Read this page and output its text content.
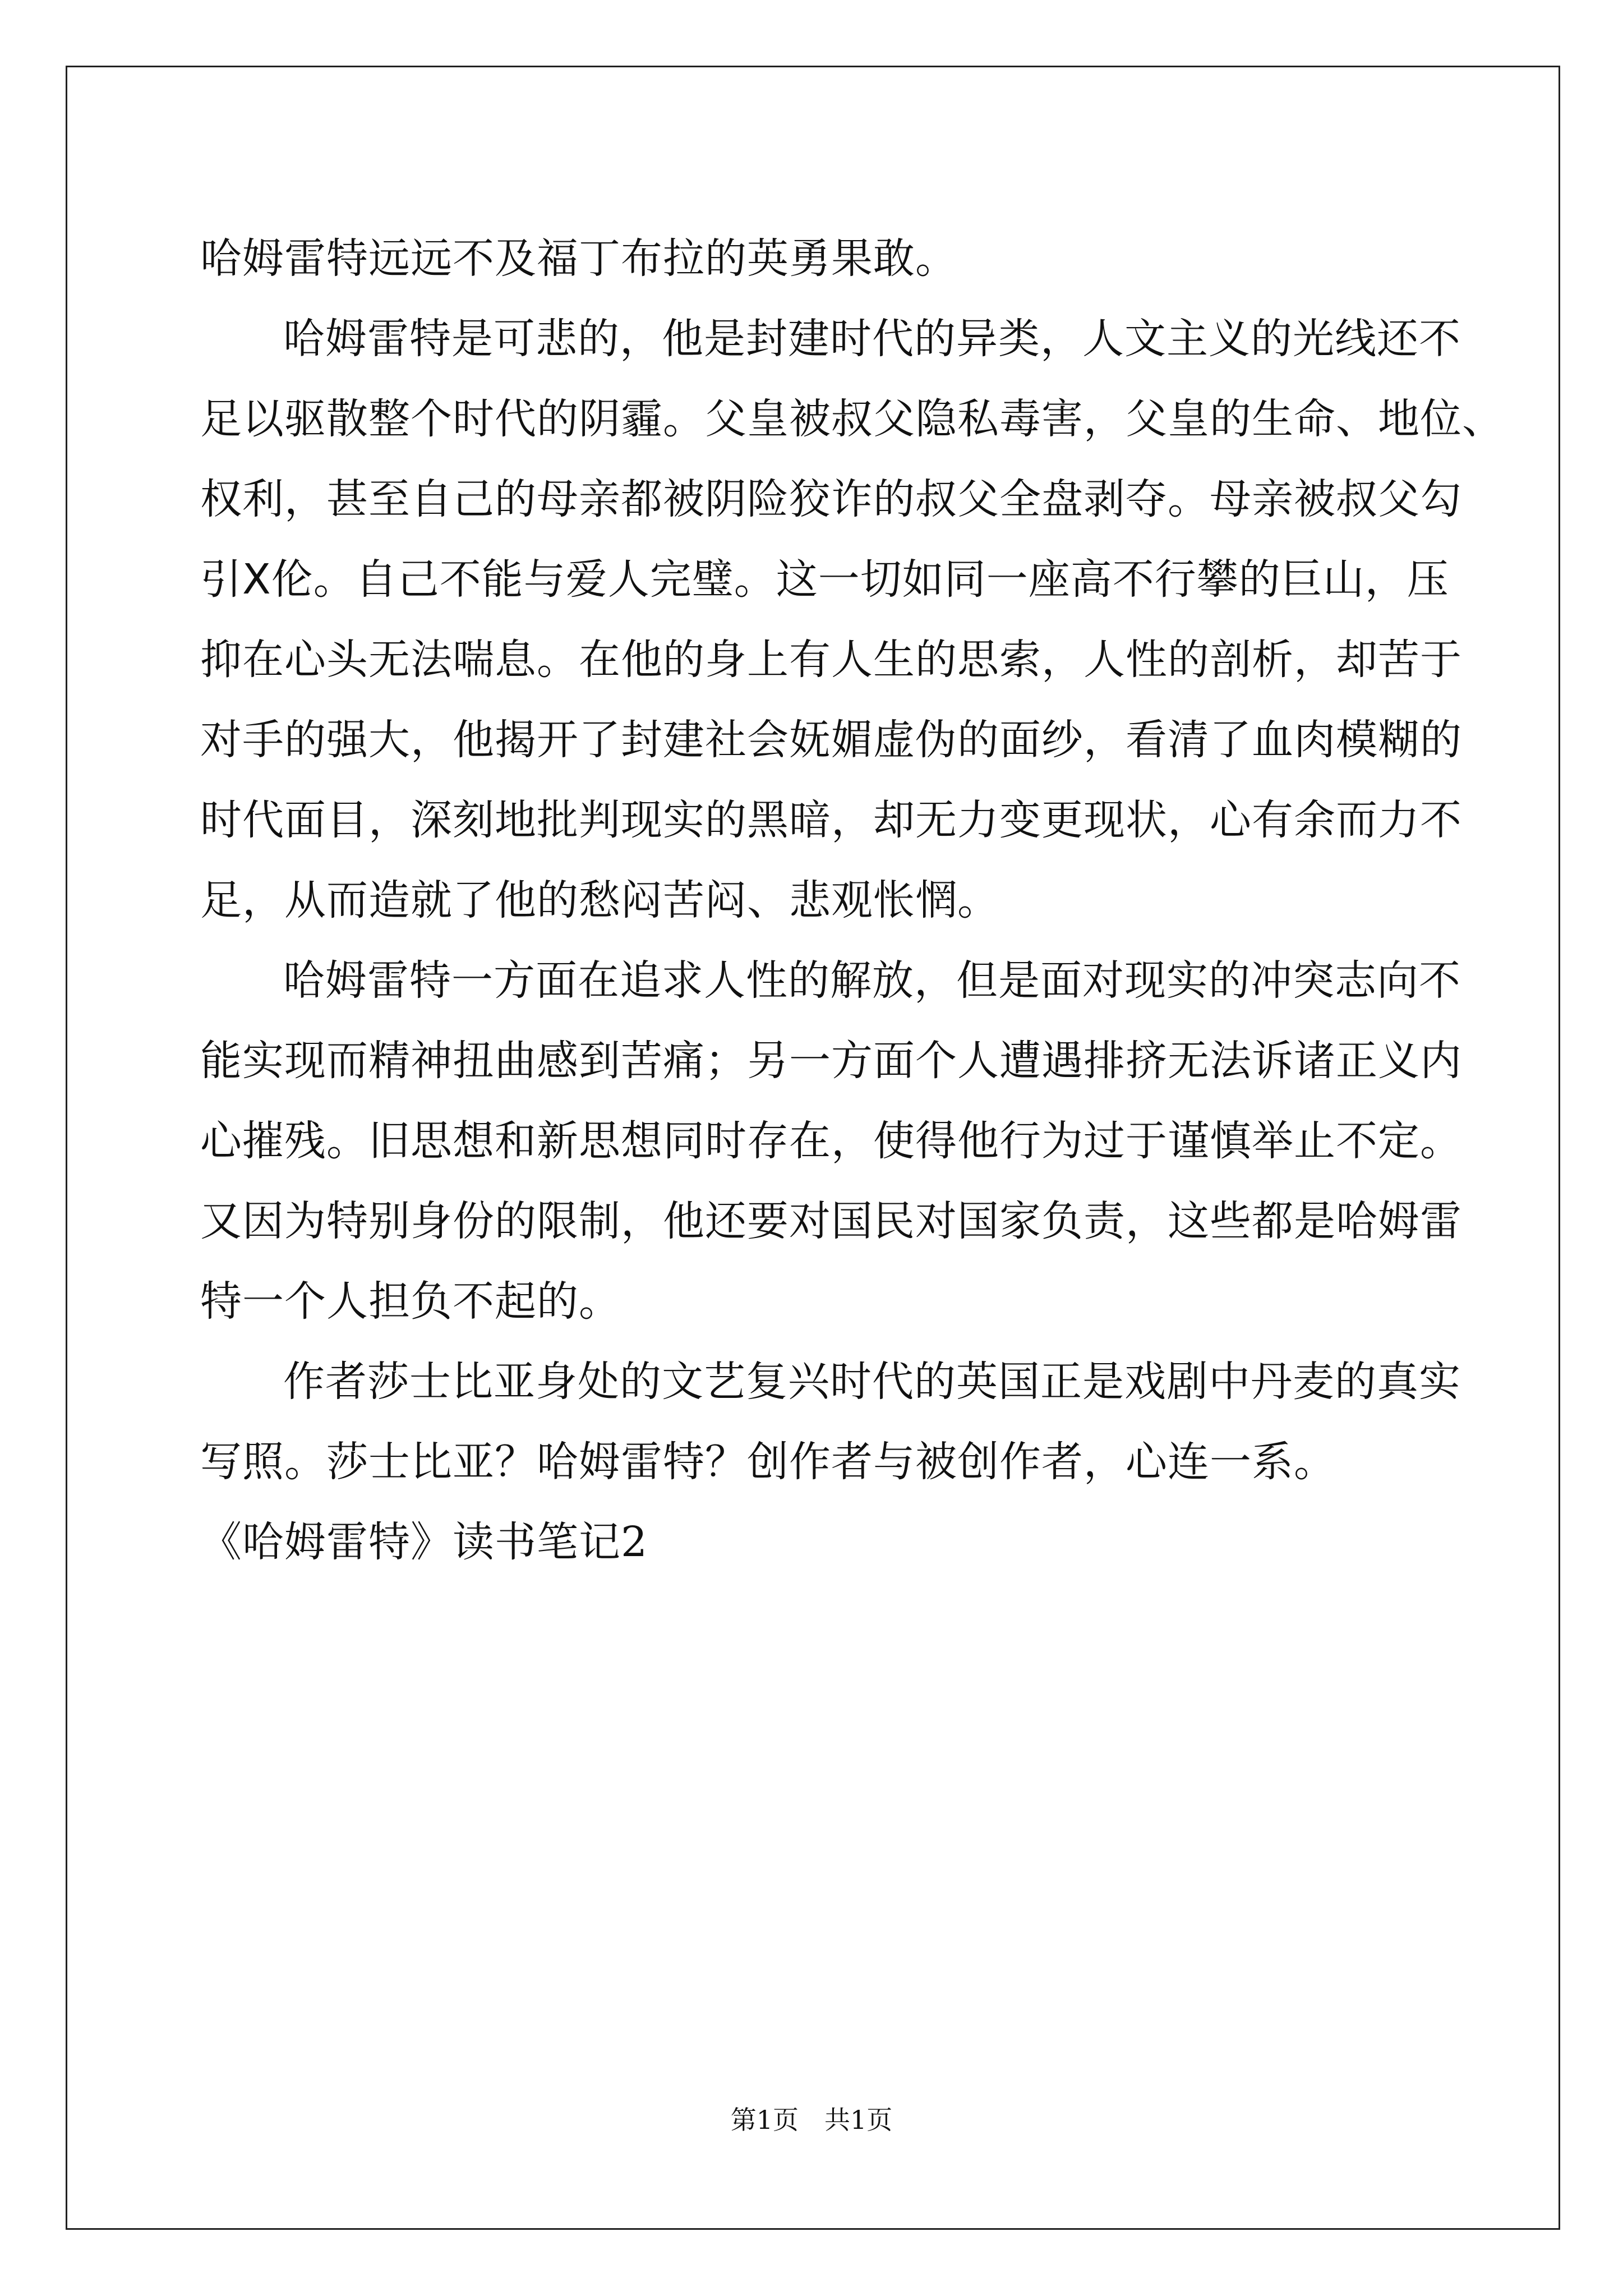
哈姆雷特远远不及福丁布拉的英勇果敢。
哈姆雷特是可悲的，他是封建时代的异类，人文主义的光线还不
足以驱散整个时代的阴霾。父皇被叔父隐私毒害，父皇的生命、地位、
权利，甚至自己的母亲都被阴险狡诈的叔父全盘剥夺。母亲被叔父勾
引X伦。自己不能与爱人完璧。这一切如同一座高不行攀的巨山，压
抑在心头无法喘息。在他的身上有人生的思索，人性的剖析，却苦于
对手的强大，他揭开了封建社会妩媚虚伪的面纱，看清了血肉模糊的
时代面目，深刻地批判现实的黑暗，却无力变更现状，心有余而力不
足，从而造就了他的愁闷苦闷、悲观怅惘。
哈姆雷特一方面在追求人性的解放，但是面对现实的冲突志向不
能实现而精神扭曲感到苦痛；另一方面个人遭遇排挤无法诉诸正义内
心摧残。旧思想和新思想同时存在，使得他行为过于谨慎举止不定。
又因为特别身份的限制，他还要对国民对国家负责，这些都是哈姆雷
特一个人担负不起的。
作者莎士比亚身处的文艺复兴时代的英国正是戏剧中丹麦的真实
写照。莎士比亚？哈姆雷特？创作者与被创作者，心连一系。
《哈姆雷特》读书笔记2
第1页　共1页
